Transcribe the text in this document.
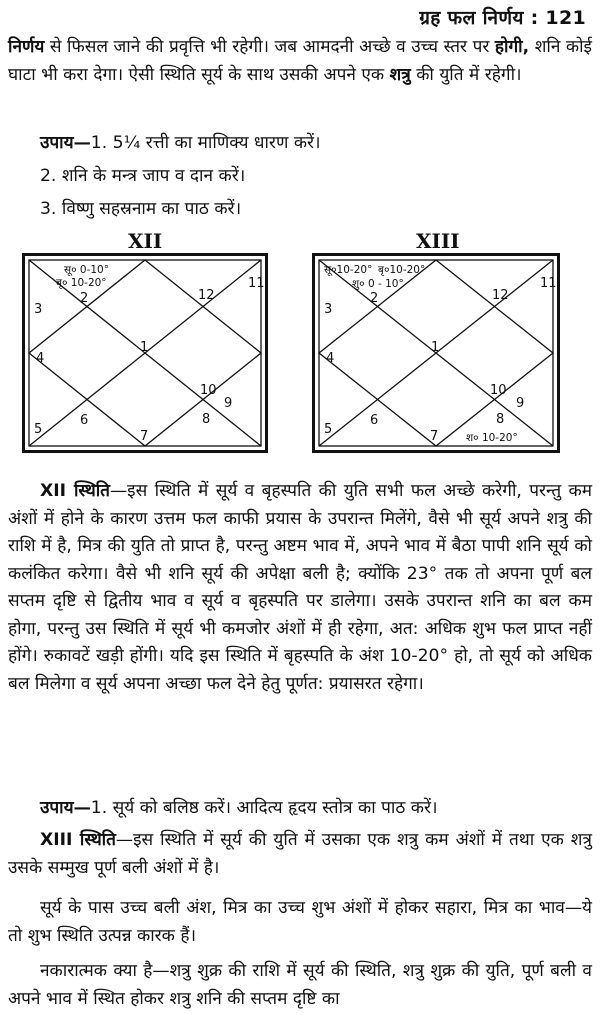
ग्रह फल निर्णय : 121

निर्णय से फिसल जाने की प्रवृत्ति भी रहेगी। जब आमदनी अच्छे व उच्च स्तर पर होगी, शनि कोई घाटा भी करा देगा। ऐसी स्थिति सूर्य के साथ उसकी अपने एक शत्रु की युति में रहेगी।

उपाय—1. 5¼ रत्ती का माणिक्य धारण करें।
2. शनि के मन्त्र जाप व दान करें।
3. विष्णु सहस्रनाम का पाठ करें।
XII
1
2
3
4
5
6
7
8
9
10
11
12
सू० 0-10°
बृ० 10-20°
XIII
1
2
3
4
5
6
7
8
9
10
11
12
सू०10-20° बृ०10-20°
शु० 0 - 10°
श० 10-20°

XII स्थिति—इस स्थिति में सूर्य व बृहस्पति की युति सभी फल अच्छे करेगी, परन्तु कम अंशों में होने के कारण उत्तम फल काफी प्रयास के उपरान्त मिलेंगे, वैसे भी सूर्य अपने शत्रु की राशि में है, मित्र की युति तो प्राप्त है, परन्तु अष्टम भाव में, अपने भाव में बैठा पापी शनि सूर्य को कलंकित करेगा। वैसे भी शनि सूर्य की अपेक्षा बली है; क्योंकि 23° तक तो अपना पूर्ण बल सप्तम दृष्टि से द्वितीय भाव व सूर्य व बृहस्पति पर डालेगा। उसके उपरान्त शनि का बल कम होगा, परन्तु उस स्थिति में सूर्य भी कमजोर अंशों में ही रहेगा, अत: अधिक शुभ फल प्राप्त नहीं होंगे। रुकावटें खड़ी होंगी। यदि इस स्थिति में बृहस्पति के अंश 10-20° हो, तो सूर्य को अधिक बल मिलेगा व सूर्य अपना अच्छा फल देने हेतु पूर्णत: प्रयासरत रहेगा।

उपाय—1. सूर्य को बलिष्ठ करें। आदित्य हृदय स्तोत्र का पाठ करें।

XIII स्थिति—इस स्थिति में सूर्य की युति में उसका एक शत्रु कम अंशों में तथा एक शत्रु उसके सम्मुख पूर्ण बली अंशों में है।

सूर्य के पास उच्च बली अंश, मित्र का उच्च शुभ अंशों में होकर सहारा, मित्र का भाव—ये तो शुभ स्थिति उत्पन्न कारक हैं।

नकारात्मक क्या है—शत्रु शुक्र की राशि में सूर्य की स्थिति, शत्रु शुक्र की युति, पूर्ण बली व अपने भाव में स्थित होकर शत्रु शनि की सप्तम दृष्टि का
